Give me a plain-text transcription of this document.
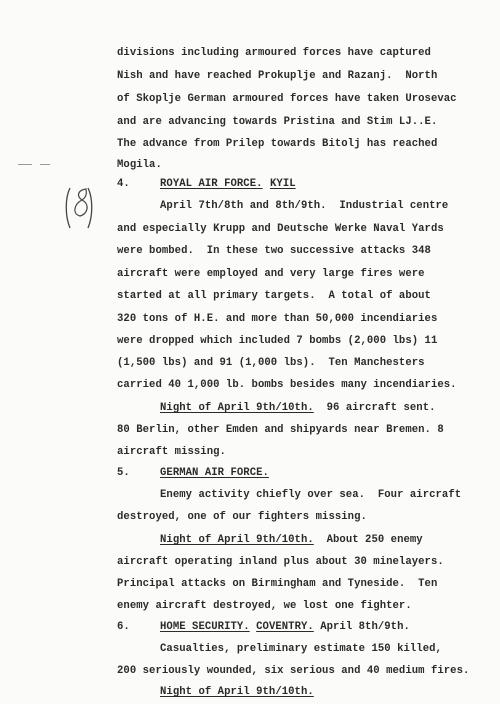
divisions including armoured forces have captured
Nish and have reached Prokuplje and Razanj.  North
of Skoplje German armoured forces have taken Urosevac
and are advancing towards Pristina and Stim LJ..E.
The advance from Prilep towards Bitolj has reached
Mogila.
4.	ROYAL AIR FORCE. KYIL
April 7th/8th and 8th/9th.  Industrial centre
and especially Krupp and Deutsche Werke Naval Yards
were bombed.  In these two successive attacks 348
aircraft were employed and very large fires were
started at all primary targets.  A total of about
320 tons of H.E. and more than 50,000 incendiaries
were dropped which included 7 bombs (2,000 lbs) 11
(1,500 lbs) and 91 (1,000 lbs).  Ten Manchesters
carried 40 1,000 lb. bombs besides many incendiaries.
Night of April 9th/10th.  96 aircraft sent.
80 Berlin, other Emden and shipyards near Bremen. 8
aircraft missing.
5.	GERMAN AIR FORCE.
Enemy activity chiefly over sea.  Four aircraft
destroyed, one of our fighters missing.
Night of April 9th/10th.  About 250 enemy
aircraft operating inland plus about 30 minelayers.
Principal attacks on Birmingham and Tyneside.  Ten
enemy aircraft destroyed, we lost one fighter.
6.	HOME SECURITY. COVENTRY. April 8th/9th.
Casualties, preliminary estimate 150 killed,
200 seriously wounded, six serious and 40 medium fires.
Night of April 9th/10th.
